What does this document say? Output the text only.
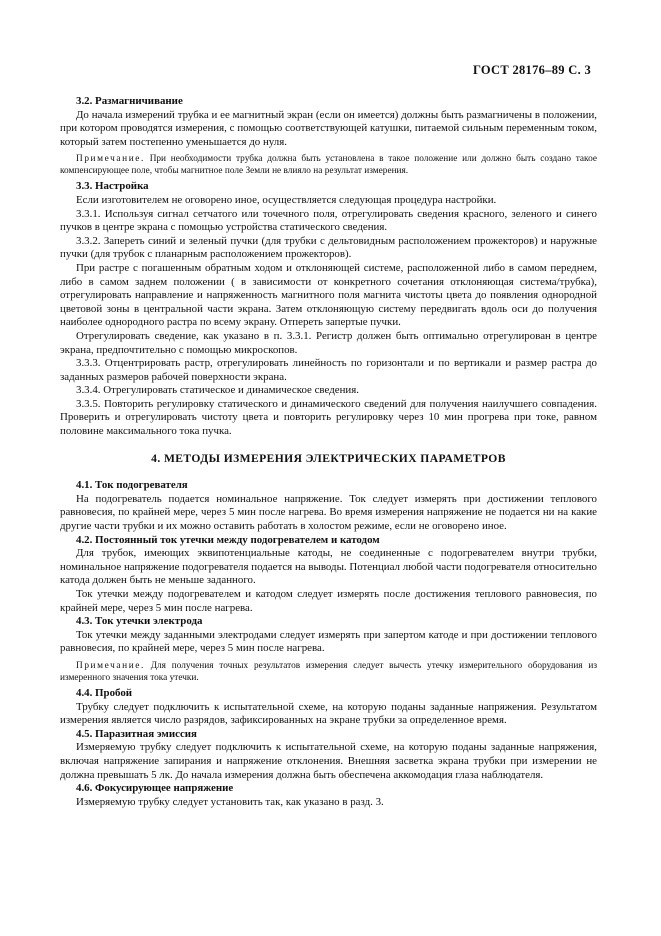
ГОСТ 28176–89 С. 3
3.2. Размагничивание

До начала измерений трубка и ее магнитный экран (если он имеется) должны быть размагничены в положении, при котором проводятся измерения, с помощью соответствующей катушки, питаемой сильным переменным током, который затем постепенно уменьшается до нуля.

Примечание. При необходимости трубка должна быть установлена в такое положение или должно быть создано такое компенсирующее поле, чтобы магнитное поле Земли не влияло на результат измерения.

3.3. Настройка

Если изготовителем не оговорено иное, осуществляется следующая процедура настройки.

3.3.1. Используя сигнал сетчатого или точечного поля, отрегулировать сведения красного, зеленого и синего пучков в центре экрана с помощью устройства статического сведения.

3.3.2. Запереть синий и зеленый пучки (для трубки с дельтовидным расположением прожекторов) и наружные пучки (для трубок с планарным расположением прожекторов).

При растре с погашенным обратным ходом и отклоняющей системе, расположенной либо в самом переднем, либо в самом заднем положении ( в зависимости от конкретного сочетания отклоняющая система/трубка), отрегулировать направление и напряженность магнитного поля магнита чистоты цвета до появления однородной цветовой зоны в центральной части экрана. Затем отклоняющую систему передвигать вдоль оси до получения наиболее однородного растра по всему экрану. Отпереть запертые пучки.

Отрегулировать сведение, как указано в п. 3.3.1. Регистр должен быть оптимально отрегулирован в центре экрана, предпочтительно с помощью микроскопов.

3.3.3. Отцентрировать растр, отрегулировать линейность по горизонтали и по вертикали и размер растра до заданных размеров рабочей поверхности экрана.

3.3.4. Отрегулировать статическое и динамическое сведения.

3.3.5. Повторить регулировку статического и динамического сведений для получения наилучшего совпадения. Проверить и отрегулировать чистоту цвета и повторить регулировку через 10 мин прогрева при токе, равном половине максимального тока пучка.

4. МЕТОДЫ ИЗМЕРЕНИЯ ЭЛЕКТРИЧЕСКИХ ПАРАМЕТРОВ
4.1. Ток подогревателя

На подогреватель подается номинальное напряжение. Ток следует измерять при достижении теплового равновесия, по крайней мере, через 5 мин после нагрева. Во время измерения напряжение не подается ни на какие другие части трубки и их можно оставить работать в холостом режиме, если не оговорено иное.

4.2. Постоянный ток утечки между подогревателем и катодом

Для трубок, имеющих эквипотенциальные катоды, не соединенные с подогревателем внутри трубки, номинальное напряжение подогревателя подается на выводы. Потенциал любой части подогревателя относительно катода должен быть не меньше заданного.

Ток утечки между подогревателем и катодом следует измерять после достижения теплового равновесия, по крайней мере, через 5 мин после нагрева.

4.3. Ток утечки электрода

Ток утечки между заданными электродами следует измерять при запертом катоде и при достижении теплового равновесия, по крайней мере, через 5 мин после нагрева.

Примечание. Для получения точных результатов измерения следует вычесть утечку измерительного оборудования из измеренного значения тока утечки.

4.4. Пробой

Трубку следует подключить к испытательной схеме, на которую поданы заданные напряжения. Результатом измерения является число разрядов, зафиксированных на экране трубки за определенное время.

4.5. Паразитная эмиссия

Измеряемую трубку следует подключить к испытательной схеме, на которую поданы заданные напряжения, включая напряжение запирания и напряжение отклонения. Внешняя засветка экрана трубки при измерении не должна превышать 5 лк. До начала измерения должна быть обеспечена аккомодация глаза наблюдателя.

4.6. Фокусирующее напряжение

Измеряемую трубку следует установить так, как указано в разд. 3.
